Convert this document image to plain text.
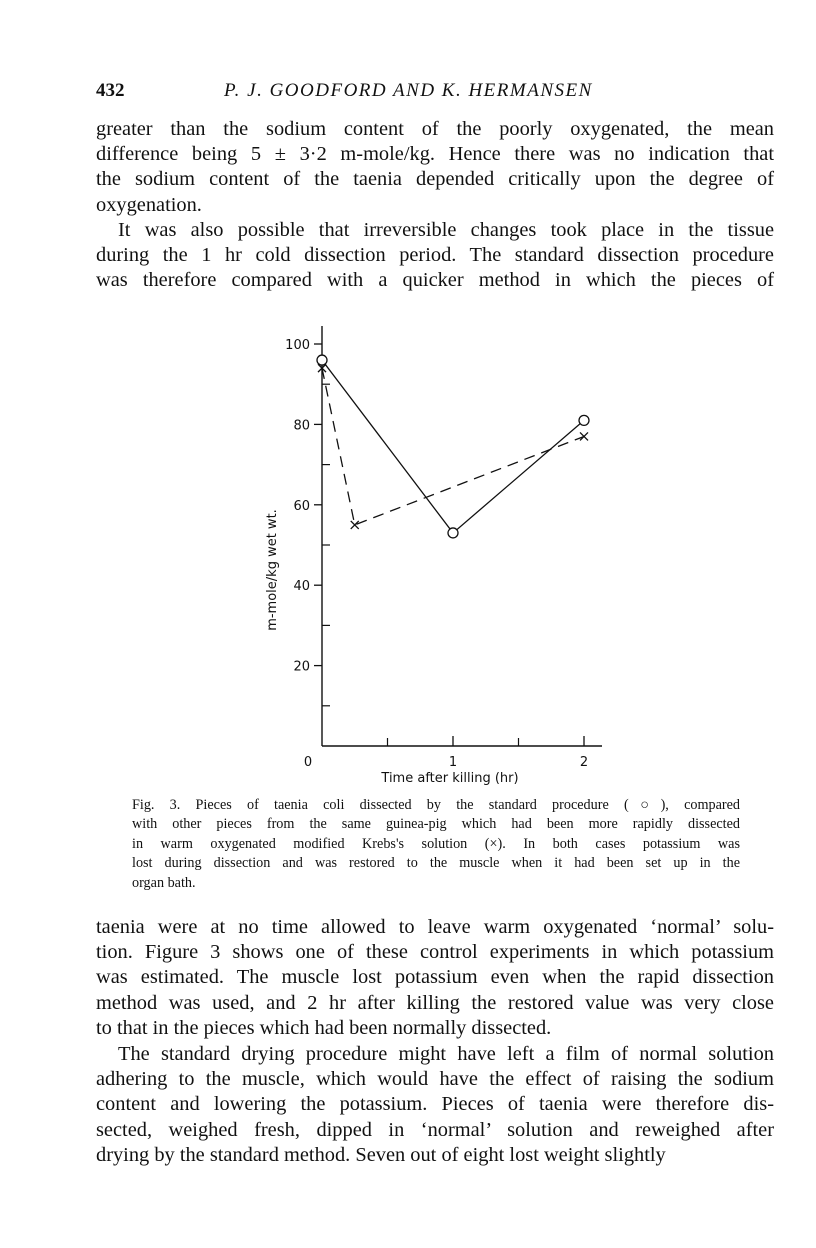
432	P. J. GOODFORD AND K. HERMANSEN

greater than the sodium content of the poorly oxygenated, the mean
difference being 5 ± 3·2 m-mole/kg. Hence there was no indication that
the sodium content of the taenia depended critically upon the degree of
oxygenation.

It was also possible that irreversible changes took place in the tissue
during the 1 hr cold dissection period. The standard dissection procedure
was therefore compared with a quicker method in which the pieces of

20
40
60
80
100
0	1	2
Time after killing (hr)
m-mole/kg wet wt.
Fig. 3. Pieces of taenia coli dissected by the standard procedure (○), compared
with other pieces from the same guinea-pig which had been more rapidly dissected
in warm oxygenated modified Krebs's solution (×). In both cases potassium was
lost during dissection and was restored to the muscle when it had been set up in the
organ bath.

taenia were at no time allowed to leave warm oxygenated ‘normal’ solu-
tion. Figure 3 shows one of these control experiments in which potassium
was estimated. The muscle lost potassium even when the rapid dissection
method was used, and 2 hr after killing the restored value was very close
to that in the pieces which had been normally dissected.

The standard drying procedure might have left a film of normal solution
adhering to the muscle, which would have the effect of raising the sodium
content and lowering the potassium. Pieces of taenia were therefore dis-
sected, weighed fresh, dipped in ‘normal’ solution and reweighed after
drying by the standard method. Seven out of eight lost weight slightly
